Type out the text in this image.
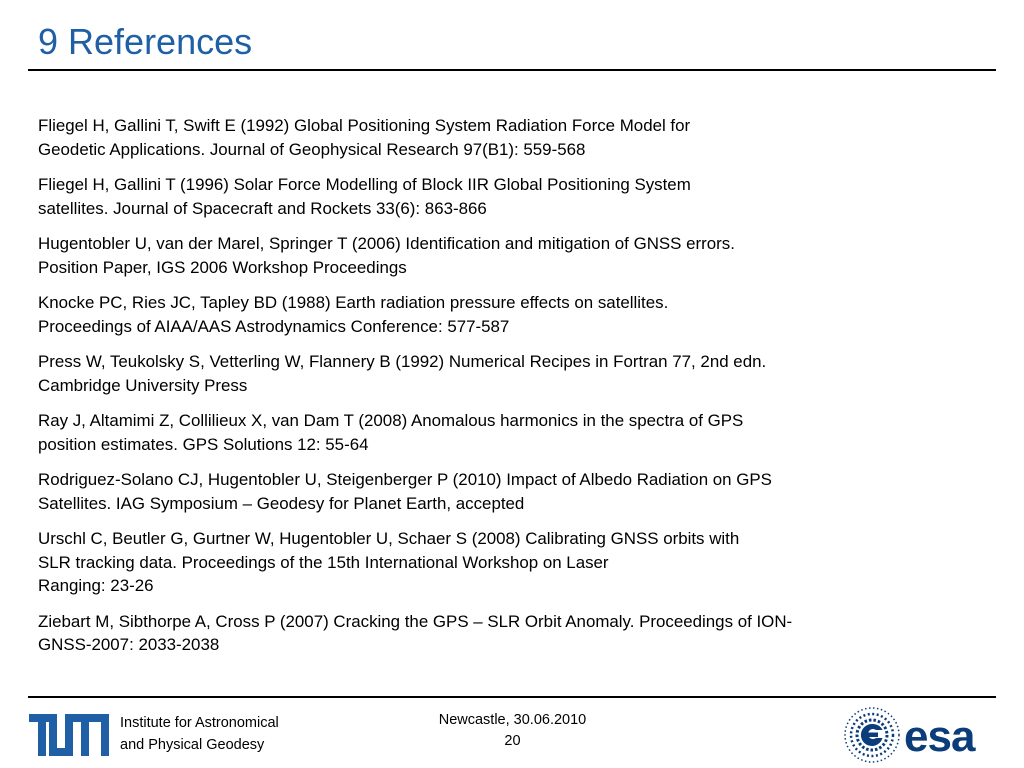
9 References
Fliegel H, Gallini T, Swift E (1992) Global Positioning System Radiation Force Model for
Geodetic Applications. Journal of Geophysical Research 97(B1): 559-568
Fliegel H, Gallini T (1996) Solar Force Modelling of Block IIR Global Positioning System
satellites. Journal of Spacecraft and Rockets 33(6): 863-866
Hugentobler U, van der Marel, Springer T (2006) Identification and mitigation of GNSS errors.
Position Paper, IGS 2006 Workshop Proceedings
Knocke PC, Ries JC, Tapley BD (1988) Earth radiation pressure effects on satellites.
Proceedings of AIAA/AAS Astrodynamics Conference: 577-587
Press W, Teukolsky S, Vetterling W, Flannery B (1992) Numerical Recipes in Fortran 77, 2nd edn.
Cambridge University Press
Ray J, Altamimi Z, Collilieux X, van Dam T (2008) Anomalous harmonics in the spectra of GPS
position estimates. GPS Solutions 12: 55-64
Rodriguez-Solano CJ, Hugentobler U, Steigenberger P (2010) Impact of Albedo Radiation on GPS
Satellites. IAG Symposium – Geodesy for Planet Earth, accepted
Urschl C, Beutler G, Gurtner W, Hugentobler U, Schaer S (2008) Calibrating GNSS orbits with
SLR tracking data. Proceedings of the 15th International Workshop on Laser
Ranging: 23-26
Ziebart M, Sibthorpe A, Cross P (2007) Cracking the GPS – SLR Orbit Anomaly. Proceedings of ION-
GNSS-2007: 2033-2038
Institute for Astronomical
and Physical Geodesy
Newcastle, 30.06.2010
20	esa
